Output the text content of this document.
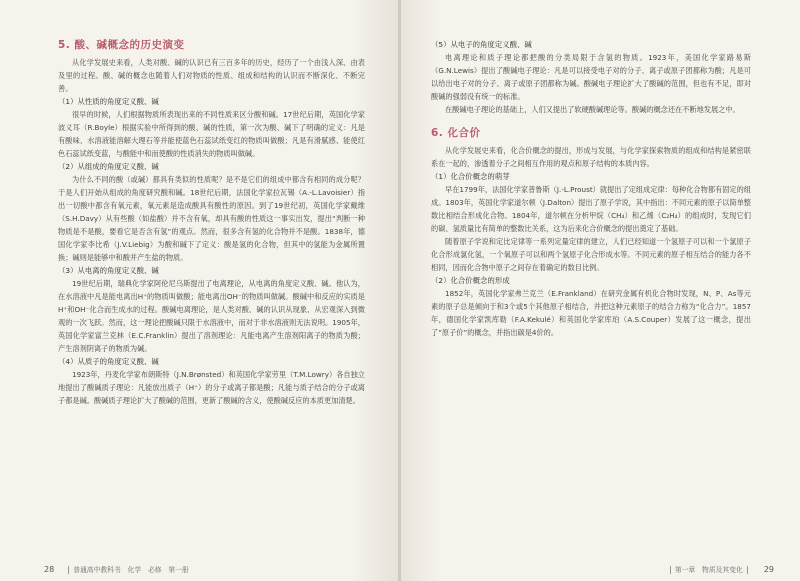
5. 酸、碱概念的历史演变

从化学发展史来看，人类对酸、碱的认识已有三百多年的历史，经历了一个由浅入深、由表及里的过程。酸、碱的概念也随着人们对物质的性质、组成和结构的认识而不断深化、不断完善。

（1）从性质的角度定义酸、碱

很早的时候，人们根据物质所表现出来的不同性质来区分酸和碱。17世纪后期，英国化学家波义耳（R.Boyle）根据实验中所得到的酸、碱的性质，第一次为酸、碱下了明确的定义：凡是有酸味、水溶液能溶解大理石等并能使蓝色石蕊试纸变红的物质叫做酸；凡是有滑腻感、能使红色石蕊试纸变蓝，与酸能中和而使酸的性质消失的物质叫做碱。

（2）从组成的角度定义酸、碱

为什么不同的酸（或碱）都具有类似的性质呢？是不是它们的组成中都含有相同的成分呢？于是人们开始从组成的角度研究酸和碱。18世纪后期，法国化学家拉瓦锡（A.-L.Lavoisier）指出一切酸中都含有氧元素，氧元素是造成酸具有酸性的原因。到了19世纪初，英国化学家戴维（S.H.Davy）从有些酸（如盐酸）并不含有氧，却具有酸的性质这一事实出发，提出“判断一种物质是不是酸，要看它是否含有氢”的观点。然而，很多含有氢的化合物并不是酸。1838年，德国化学家李比希（J.V.Liebig）为酸和碱下了定义：酸是氢的化合物，但其中的氢能为金属所置换；碱则是能够中和酸并产生盐的物质。

（3）从电离的角度定义酸、碱

19世纪后期，瑞典化学家阿伦尼乌斯提出了电离理论，从电离的角度定义酸、碱。他认为，在水溶液中凡是能电离出H⁺的物质叫做酸；能电离出OH⁻的物质叫做碱。酸碱中和反应的实质是H⁺和OH⁻化合而生成水的过程。酸碱电离理论，是人类对酸、碱的认识从现象、从宏观深入到微观的一次飞跃。然而，这一理论把酸碱只限于水溶液中，而对于非水溶液则无法说明。1905年，英国化学家富兰克林（E.C.Franklin）提出了溶剂理论：凡能电离产生溶剂阳离子的物质为酸；产生溶剂阴离子的物质为碱。

（4）从质子的角度定义酸、碱

1923年，丹麦化学家布朗斯特（J.N.Brønsted）和英国化学家劳里（T.M.Lowry）各自独立地提出了酸碱质子理论：凡能放出质子（H⁺）的分子或离子都是酸；凡能与质子结合的分子或离子都是碱。酸碱质子理论扩大了酸碱的范围，更新了酸碱的含义，使酸碱反应的本质更加清楚。

28	普通高中教科书　化学　必修　第一册

（5）从电子的角度定义酸、碱

电离理论和质子理论都把酸的分类局限于含氢的物质。1923年，美国化学家路易斯（G.N.Lewis）提出了酸碱电子理论：凡是可以接受电子对的分子、离子或原子团都称为酸；凡是可以给出电子对的分子、离子或原子团都称为碱。酸碱电子理论扩大了酸碱的范围，但也有不足，即对酸碱的强弱没有统一的标准。

在酸碱电子理论的基础上，人们又提出了软硬酸碱理论等。酸碱的概念还在不断地发展之中。

6. 化合价

从化学发展史来看，化合价概念的提出，形成与发展，与化学家探索物质的组成和结构是紧密联系在一起的，渗透着分子之间相互作用的观点和原子结构的本质内容。

（1）化合价概念的萌芽

早在1799年，法国化学家普鲁斯（J.-L.Proust）就提出了定组成定律：每种化合物都有固定的组成。1803年，英国化学家道尔顿（J.Dalton）提出了原子学说，其中指出：不同元素的原子以简单整数比相结合形成化合物。1804年，道尔顿在分析甲烷（CH₄）和乙烯（C₂H₄）的组成时，发现它们的碳、氢质量比有简单的整数比关系，这为后来化合价概念的提出奠定了基础。

随着原子学说和定比定律等一系列定量定律的建立，人们已经知道一个氢原子可以和一个氯原子化合形成氯化氢，一个氧原子可以和两个氢原子化合形成水等。不同元素的原子相互结合的能力各不相同，因而化合物中原子之间存在着确定的数目比例。

（2）化合价概念的形成

1852年，英国化学家弗兰克兰（E.Frankland）在研究金属有机化合物时发现，N、P、As等元素的原子总是倾向于和3个或5个其他原子相结合，并把这种元素原子的结合力称为“化合力”。1857年，德国化学家凯库勒（F.A.Kekulé）和英国化学家库珀（A.S.Couper）发展了这一概念，提出了“原子价”的概念，并指出碳是4价的。

第一章　物质及其变化	29
